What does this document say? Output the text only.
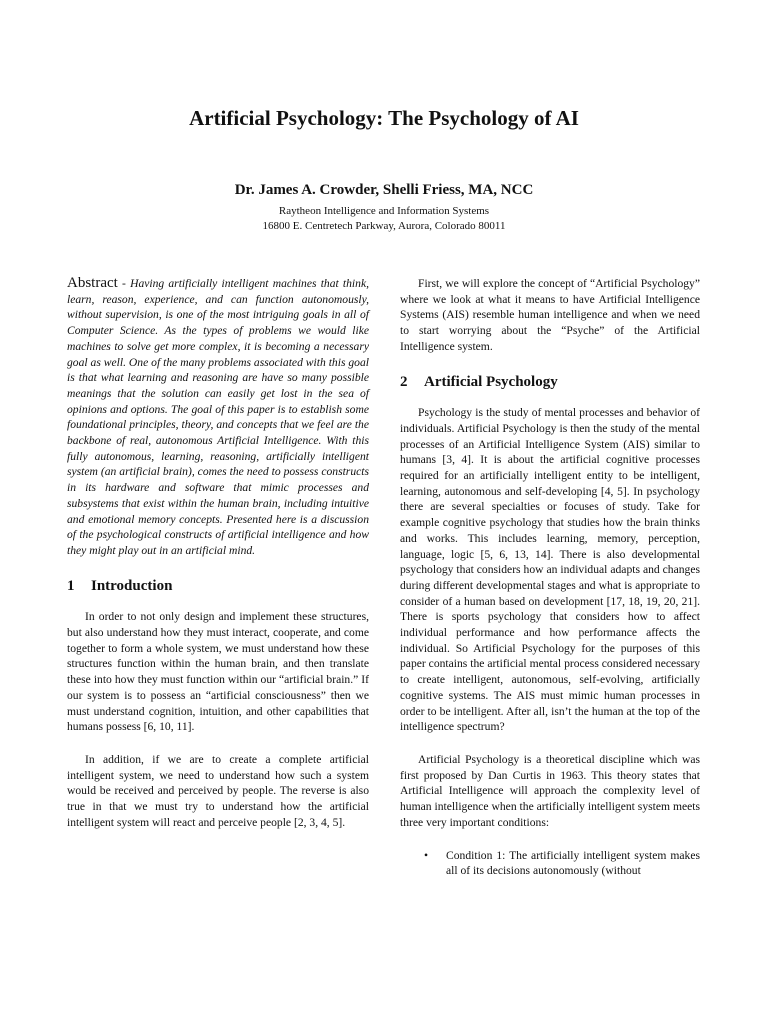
Artificial Psychology: The Psychology of AI

Dr. James A. Crowder, Shelli Friess, MA, NCC

Raytheon Intelligence and Information Systems

16800 E. Centretech Parkway, Aurora, Colorado 80011

Abstract - Having artificially intelligent machines that think, learn, reason, experience, and can function autonomously, without supervision, is one of the most intriguing goals in all of Computer Science. As the types of problems we would like machines to solve get more complex, it is becoming a necessary goal as well. One of the many problems associated with this goal is that what learning and reasoning are have so many possible meanings that the solution can easily get lost in the sea of opinions and options. The goal of this paper is to establish some foundational principles, theory, and concepts that we feel are the backbone of real, autonomous Artificial Intelligence. With this fully autonomous, learning, reasoning, artificially intelligent system (an artificial brain), comes the need to possess constructs in its hardware and software that mimic processes and subsystems that exist within the human brain, including intuitive and emotional memory concepts. Presented here is a discussion of the psychological constructs of artificial intelligence and how they might play out in an artificial mind.

1 Introduction

In order to not only design and implement these structures, but also understand how they must interact, cooperate, and come together to form a whole system, we must understand how these structures function within the human brain, and then translate these into how they must function within our “artificial brain.” If our system is to possess an “artificial consciousness” then we must understand cognition, intuition, and other capabilities that humans possess [6, 10, 11].

In addition, if we are to create a complete artificial intelligent system, we need to understand how such a system would be received and perceived by people. The reverse is also true in that we must try to understand how the artificial intelligent system will react and perceive people [2, 3, 4, 5].

First, we will explore the concept of “Artificial Psychology” where we look at what it means to have Artificial Intelligence Systems (AIS) resemble human intelligence and when we need to start worrying about the “Psyche” of the Artificial Intelligence system.

2 Artificial Psychology

Psychology is the study of mental processes and behavior of individuals. Artificial Psychology is then the study of the mental processes of an Artificial Intelligence System (AIS) similar to humans [3, 4]. It is about the artificial cognitive processes required for an artificially intelligent entity to be intelligent, learning, autonomous and self-developing [4, 5]. In psychology there are several specialties or focuses of study. Take for example cognitive psychology that studies how the brain thinks and works. This includes learning, memory, perception, language, logic [5, 6, 13, 14]. There is also developmental psychology that considers how an individual adapts and changes during different developmental stages and what is appropriate to consider of a human based on development [17, 18, 19, 20, 21]. There is sports psychology that considers how to affect individual performance and how performance affects the individual. So Artificial Psychology for the purposes of this paper contains the artificial mental process considered necessary to create intelligent, autonomous, self-evolving, artificially cognitive systems. The AIS must mimic human processes in order to be intelligent. After all, isn’t the human at the top of the intelligence spectrum?

Artificial Psychology is a theoretical discipline which was first proposed by Dan Curtis in 1963. This theory states that Artificial Intelligence will approach the complexity level of human intelligence when the artificially intelligent system meets three very important conditions:

• Condition 1: The artificially intelligent system makes all of its decisions autonomously (without
